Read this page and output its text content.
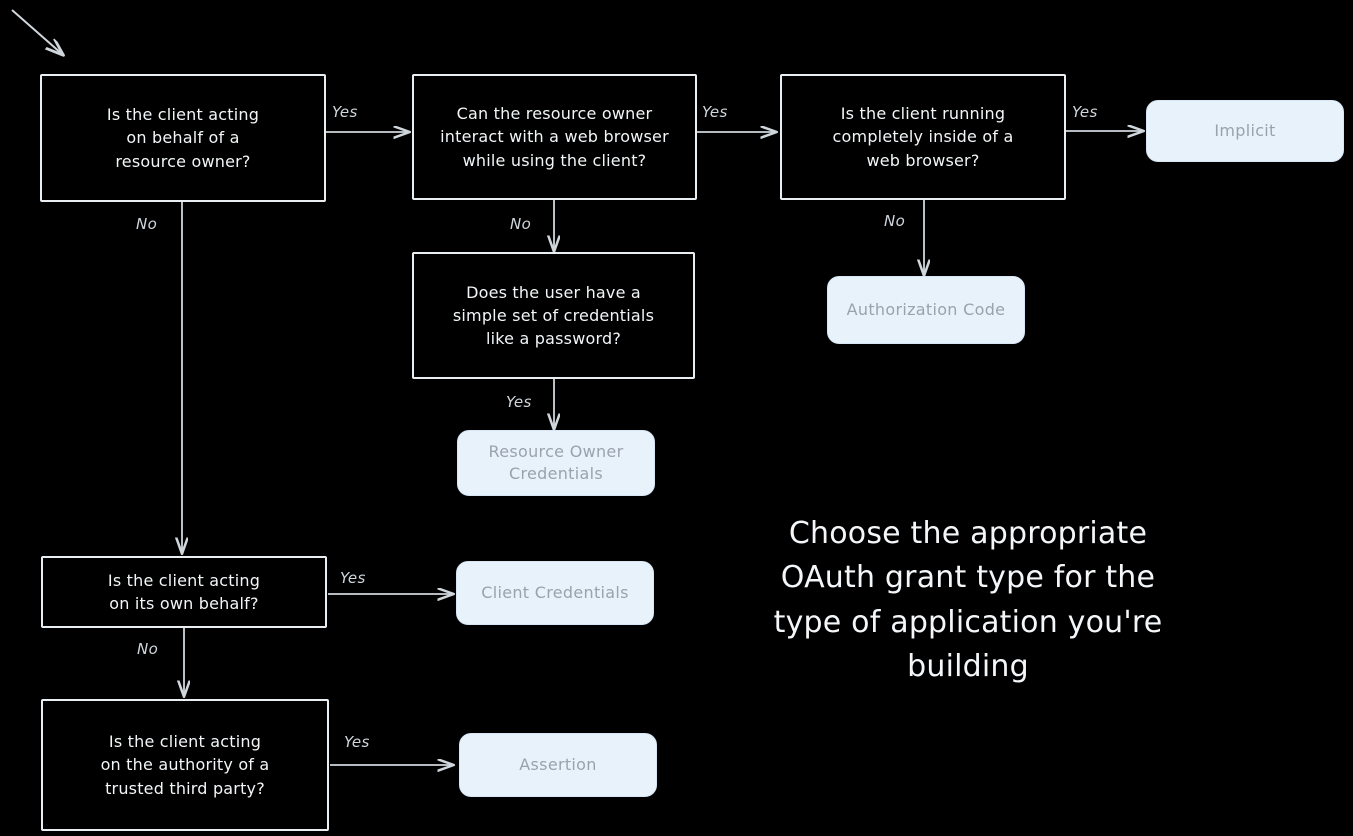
Is the client acting
on behalf of a
resource owner?
Can the resource owner
interact with a web browser
while using the client?
Is the client running
completely inside of a
web browser?
Does the user have a
simple set of credentials
like a password?
Is the client acting
on its own behalf?
Is the client acting
on the authority of a
trusted third party?
Implicit
Authorization Code
Resource Owner Credentials
Client Credentials
Assertion
Yes	Yes	Yes
No	No	No
Yes
Yes
No
Yes
Choose the appropriate OAuth grant type for the type of application you're building
